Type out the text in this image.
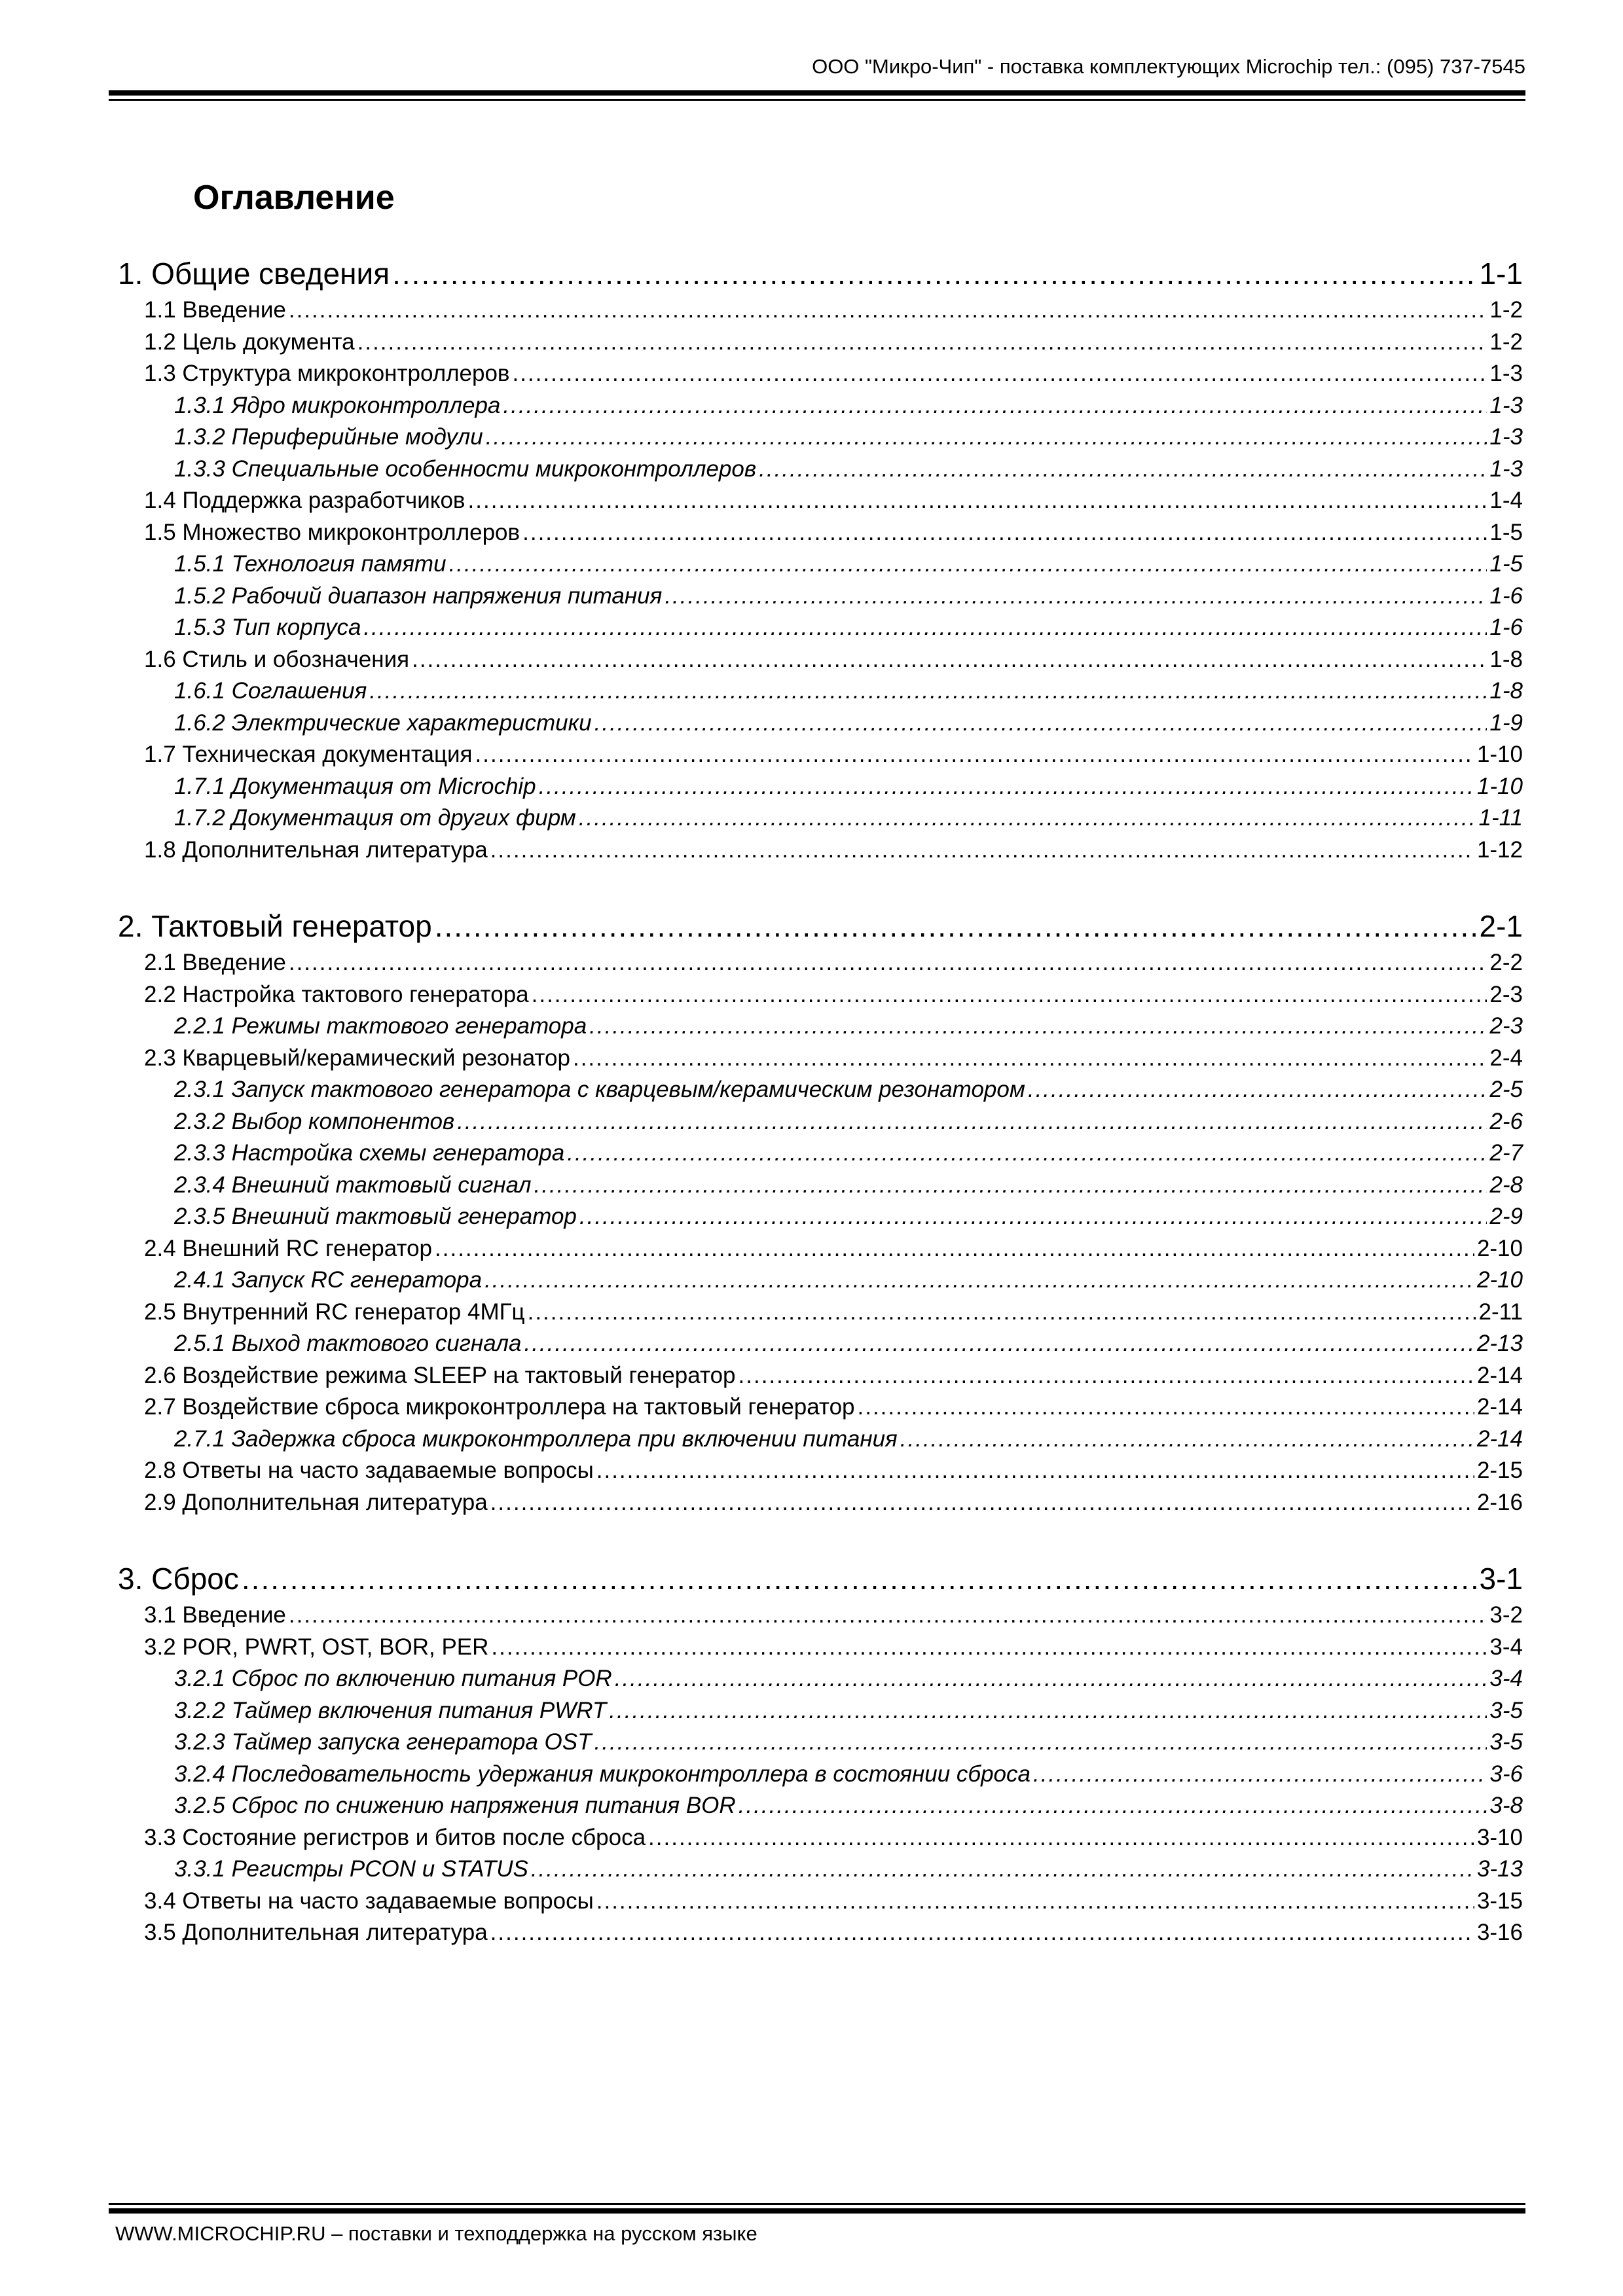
ООО "Микро-Чип" - поставка комплектующих Microchip тел.: (095) 737-7545
Оглавление
1. Общие сведения .....	1-1
1.1 Введение .....	1-2
1.2 Цель документа .....	1-2
1.3 Структура микроконтроллеров .....	1-3
1.3.1 Ядро микроконтроллера .....	1-3
1.3.2 Периферийные модули .....	1-3
1.3.3 Специальные особенности микроконтроллеров .....	1-3
1.4 Поддержка разработчиков .....	1-4
1.5 Множество микроконтроллеров .....	1-5
1.5.1 Технология памяти .....	1-5
1.5.2 Рабочий диапазон напряжения питания .....	1-6
1.5.3 Тип корпуса .....	1-6
1.6 Стиль и обозначения .....	1-8
1.6.1 Соглашения .....	1-8
1.6.2 Электрические характеристики .....	1-9
1.7 Техническая документация .....	1-10
1.7.1 Документация от Microchip .....	1-10
1.7.2 Документация от других фирм .....	1-11
1.8 Дополнительная литература .....	1-12
2. Тактовый генератор .....	2-1
2.1 Введение .....	2-2
2.2 Настройка тактового генератора .....	2-3
2.2.1 Режимы тактового генератора .....	2-3
2.3 Кварцевый/керамический резонатор .....	2-4
2.3.1 Запуск тактового генератора с кварцевым/керамическим резонатором .....	2-5
2.3.2 Выбор компонентов .....	2-6
2.3.3 Настройка схемы генератора .....	2-7
2.3.4 Внешний тактовый сигнал .....	2-8
2.3.5 Внешний тактовый генератор .....	2-9
2.4 Внешний RC генератор .....	2-10
2.4.1 Запуск RC генератора .....	2-10
2.5 Внутренний RC генератор 4МГц .....	2-11
2.5.1 Выход тактового сигнала .....	2-13
2.6 Воздействие режима SLEEP на тактовый генератор .....	2-14
2.7 Воздействие сброса микроконтроллера на тактовый генератор .....	2-14
2.7.1 Задержка сброса микроконтроллера при включении питания .....	2-14
2.8 Ответы на часто задаваемые вопросы .....	2-15
2.9 Дополнительная литература .....	2-16
3. Сброс .....	3-1
3.1 Введение .....	3-2
3.2 POR, PWRT, OST, BOR, PER .....	3-4
3.2.1 Сброс по включению питания POR .....	3-4
3.2.2 Таймер включения питания PWRT .....	3-5
3.2.3 Таймер запуска генератора OST .....	3-5
3.2.4 Последовательность удержания микроконтроллера в состоянии сброса .....	3-6
3.2.5 Сброс по снижению напряжения питания BOR .....	3-8
3.3 Состояние регистров и битов после сброса .....	3-10
3.3.1 Регистры PCON и STATUS .....	3-13
3.4 Ответы на часто задаваемые вопросы .....	3-15
3.5 Дополнительная литература .....	3-16
WWW.MICROCHIP.RU – поставки и техподдержка на русском языке
